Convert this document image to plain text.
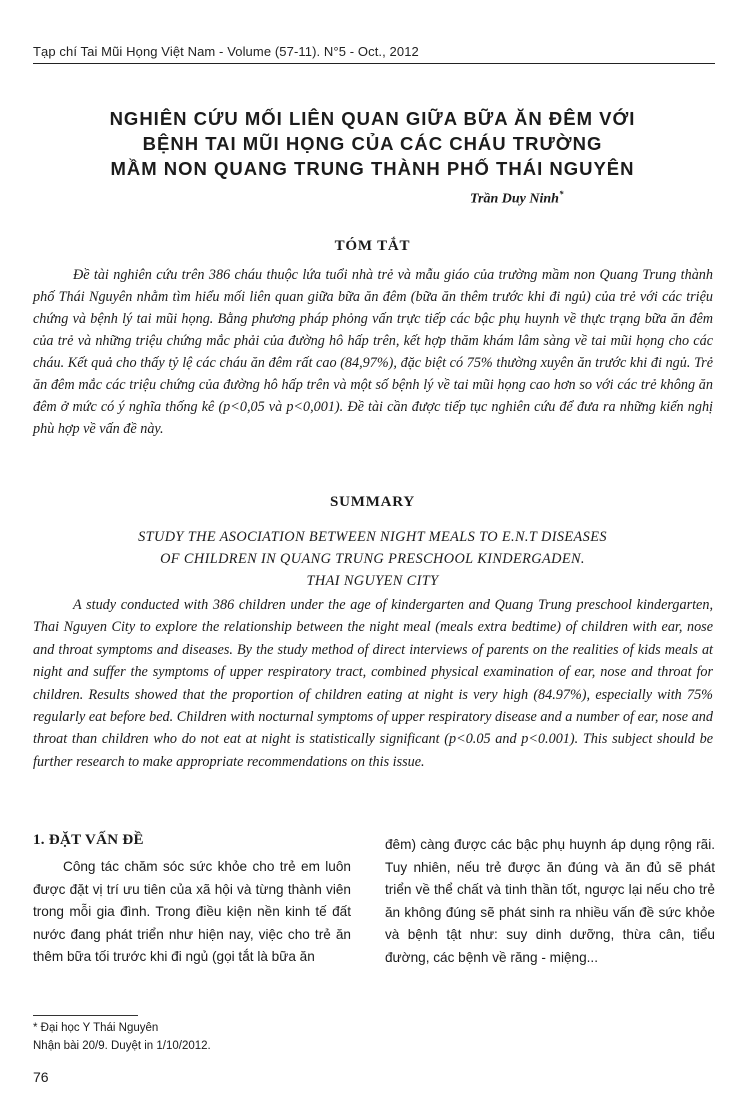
Tạp chí Tai Mũi Họng Việt Nam - Volume (57-11). N°5 - Oct., 2012
NGHIÊN CỨU MỐI LIÊN QUAN GIỮA BỮA ĂN ĐÊM VỚI
BỆNH TAI MŨI HỌNG CỦA CÁC CHÁU TRƯỜNG
MẦM NON QUANG TRUNG THÀNH PHỐ THÁI NGUYÊN
Trần Duy Ninh*
TÓM TẮT

Đề tài nghiên cứu trên 386 cháu thuộc lứa tuổi nhà trẻ và mẫu giáo của trường mầm non Quang Trung thành phố Thái Nguyên nhằm tìm hiểu mối liên quan giữa bữa ăn đêm (bữa ăn thêm trước khi đi ngủ) của trẻ với các triệu chứng và bệnh lý tai mũi họng. Bằng phương pháp phỏng vấn trực tiếp các bậc phụ huynh về thực trạng bữa ăn đêm của trẻ và những triệu chứng mắc phải của đường hô hấp trên, kết hợp thăm khám lâm sàng về tai mũi họng cho các cháu. Kết quả cho thấy tỷ lệ các cháu ăn đêm rất cao (84,97%), đặc biệt có 75% thường xuyên ăn trước khi đi ngủ. Trẻ ăn đêm mắc các triệu chứng của đường hô hấp trên và một số bệnh lý về tai mũi họng cao hơn so với các trẻ không ăn đêm ở mức có ý nghĩa thống kê (p<0,05 và p<0,001). Đề tài cần được tiếp tục nghiên cứu để đưa ra những kiến nghị phù hợp về vấn đề này.

SUMMARY
STUDY THE ASOCIATION BETWEEN NIGHT MEALS TO E.N.T DISEASES
OF CHILDREN IN QUANG TRUNG PRESCHOOL KINDERGADEN.
THAI NGUYEN CITY

A study conducted with 386 children under the age of kindergarten and Quang Trung preschool kindergarten, Thai Nguyen City to explore the relationship between the night meal (meals extra bedtime) of children with ear, nose and throat symptoms and diseases. By the study method of direct interviews of parents on the realities of kids meals at night and suffer the symptoms of upper respiratory tract, combined physical examination of ear, nose and throat for children. Results showed that the proportion of children eating at night is very high (84.97%), especially with 75% regularly eat before bed. Children with nocturnal symptoms of upper respiratory disease and a number of ear, nose and throat than children who do not eat at night is statistically significant (p<0.05 and p<0.001). This subject should be further research to make appropriate recommendations on this issue.

1. ĐẶT VẤN ĐỀ

Công tác chăm sóc sức khỏe cho trẻ em luôn được đặt vị trí ưu tiên của xã hội và từng thành viên trong mỗi gia đình. Trong điều kiện nền kinh tế đất nước đang phát triển như hiện nay, việc cho trẻ ăn thêm bữa tối trước khi đi ngủ (gọi tắt là bữa ăn

đêm) càng được các bậc phụ huynh áp dụng rộng rãi. Tuy nhiên, nếu trẻ được ăn đúng và ăn đủ sẽ phát triển về thể chất và tinh thần tốt, ngược lại nếu cho trẻ ăn không đúng sẽ phát sinh ra nhiều vấn đề sức khỏe và bệnh tật như: suy dinh dưỡng, thừa cân, tiểu đường, các bệnh về răng - miệng...

* Đại học Y Thái Nguyên
Nhận bài 20/9. Duyệt in 1/10/2012.
76
